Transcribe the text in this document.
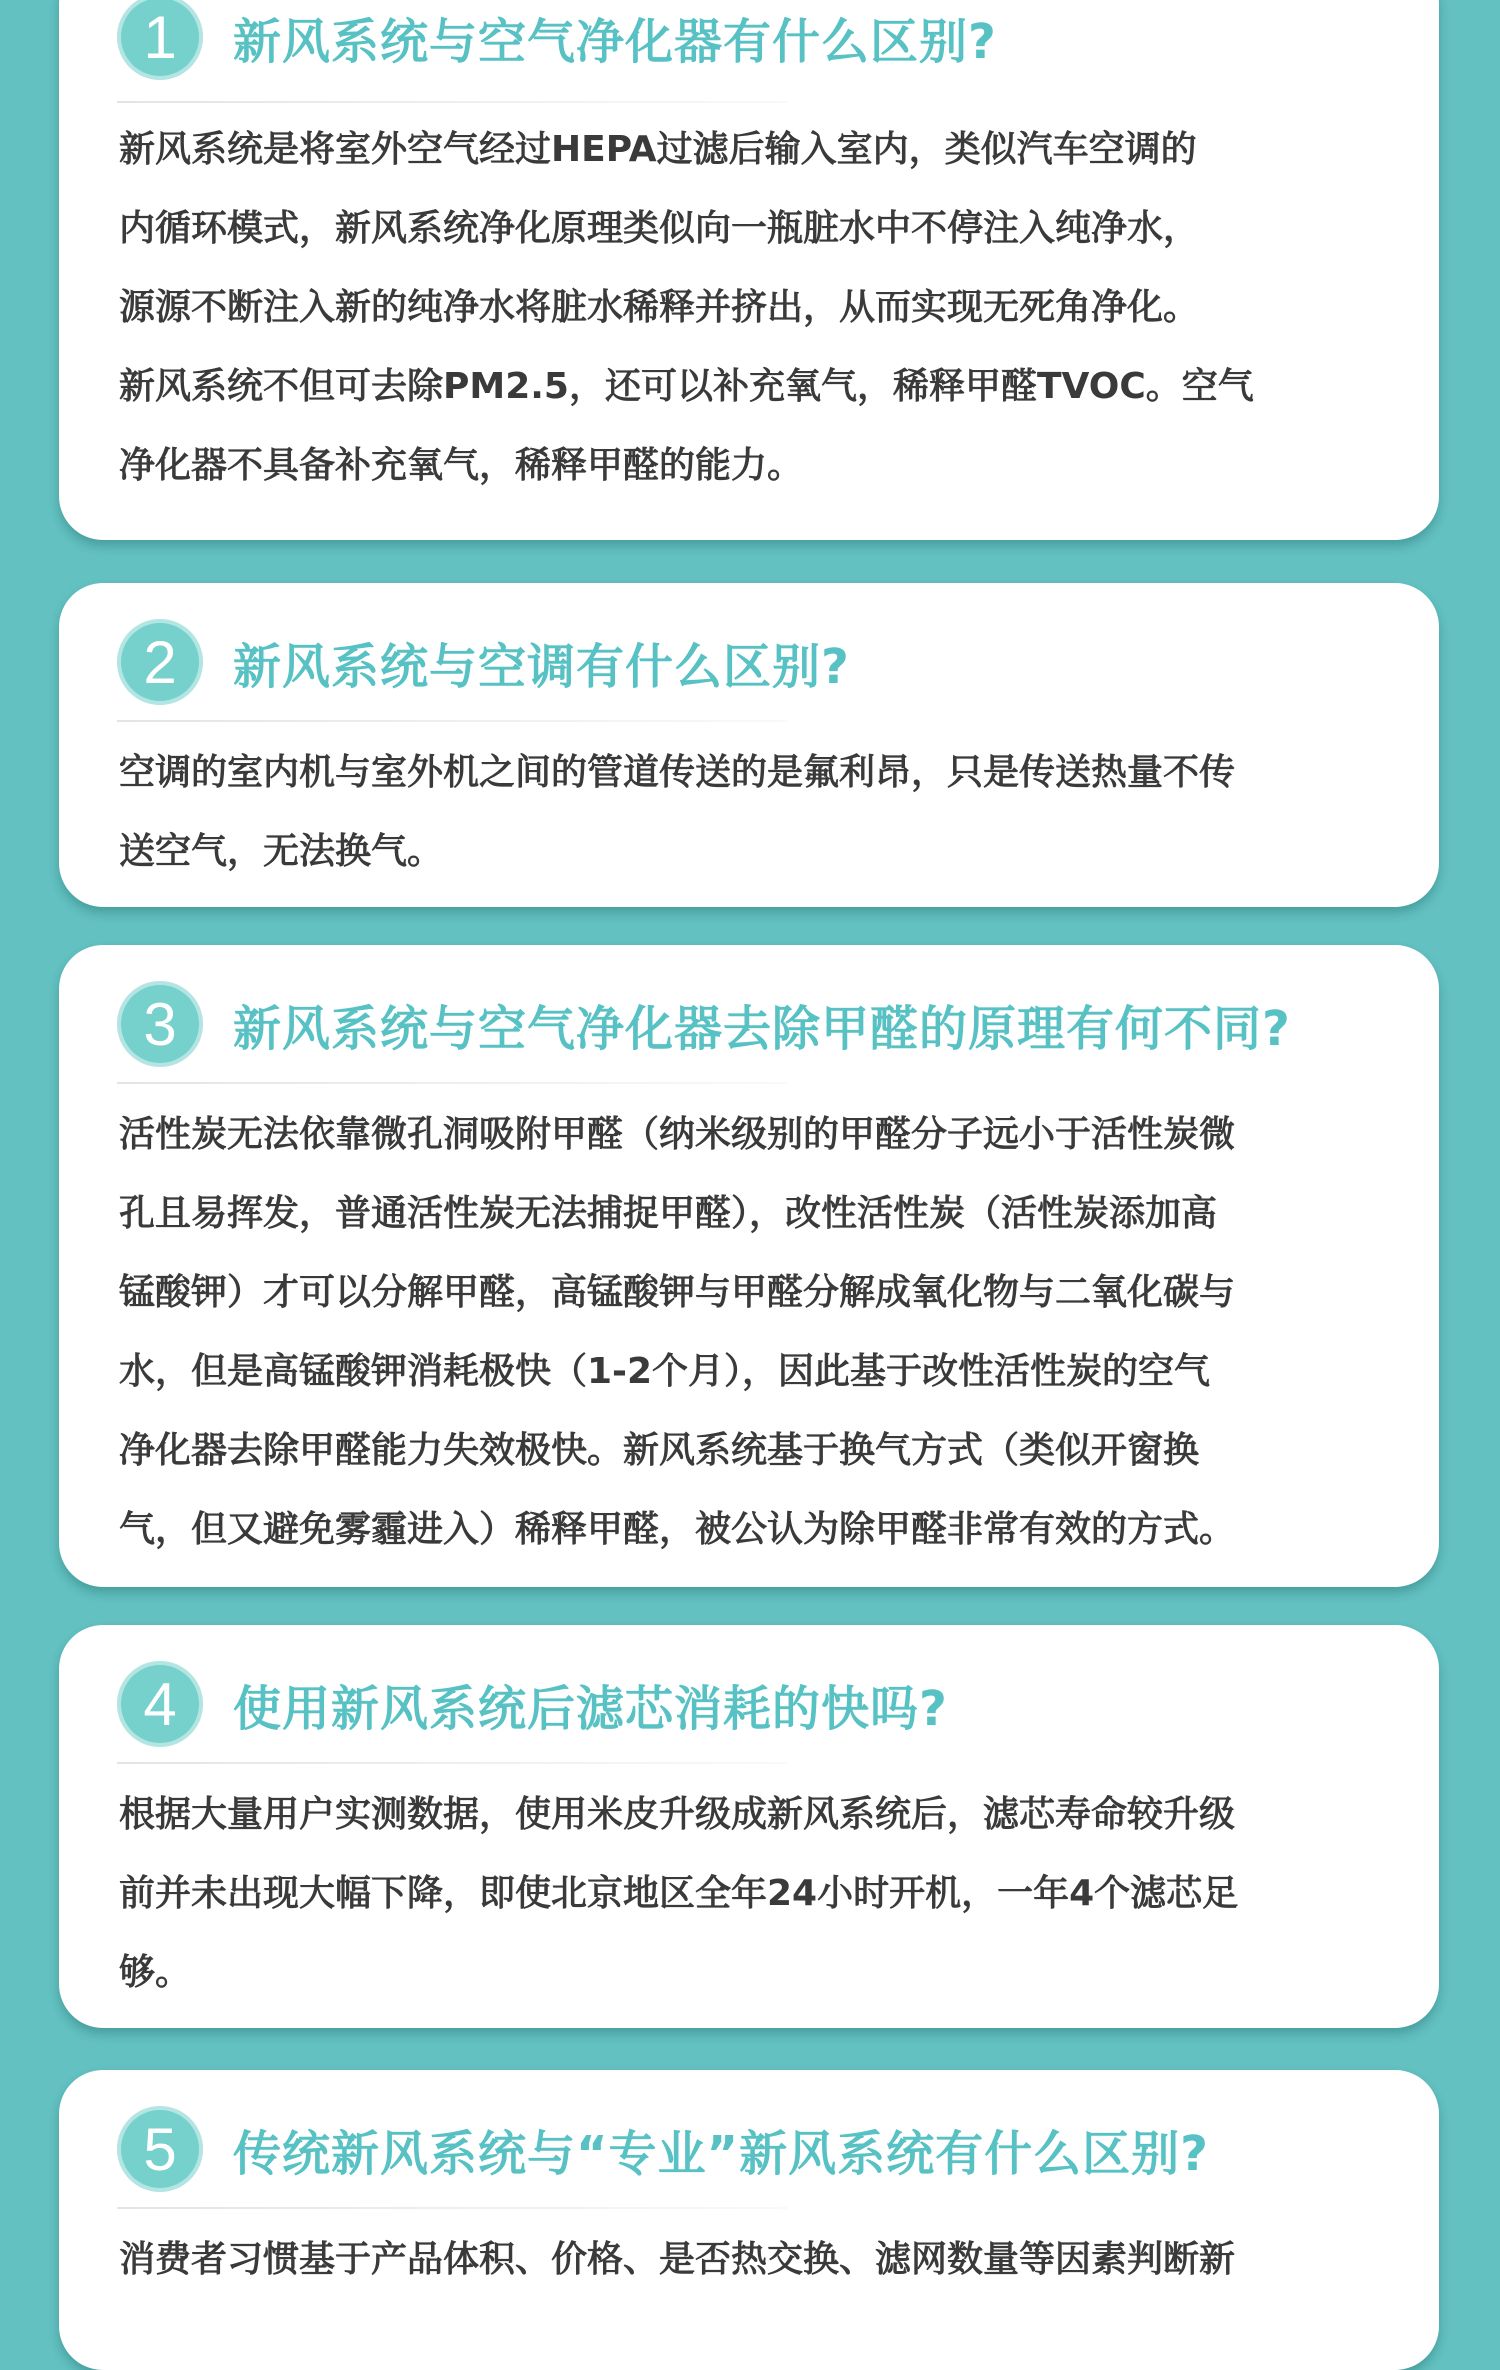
1	新风系统与空气净化器有什么区别?

新风系统是将室外空气经过HEPA过滤后输入室内，类似汽车空调的
内循环模式，新风系统净化原理类似向一瓶脏水中不停注入纯净水，
源源不断注入新的纯净水将脏水稀释并挤出，从而实现无死角净化。
新风系统不但可去除PM2.5，还可以补充氧气，稀释甲醛TVOC。空气
净化器不具备补充氧气，稀释甲醛的能力。

2	新风系统与空调有什么区别?

空调的室内机与室外机之间的管道传送的是氟利昂，只是传送热量不传
送空气，无法换气。

3	新风系统与空气净化器去除甲醛的原理有何不同?

活性炭无法依靠微孔洞吸附甲醛（纳米级别的甲醛分子远小于活性炭微
孔且易挥发，普通活性炭无法捕捉甲醛），改性活性炭（活性炭添加高
锰酸钾）才可以分解甲醛，高锰酸钾与甲醛分解成氧化物与二氧化碳与
水，但是高锰酸钾消耗极快（1-2个月），因此基于改性活性炭的空气
净化器去除甲醛能力失效极快。新风系统基于换气方式（类似开窗换
气，但又避免雾霾进入）稀释甲醛，被公认为除甲醛非常有效的方式。

4	使用新风系统后滤芯消耗的快吗?

根据大量用户实测数据，使用米皮升级成新风系统后，滤芯寿命较升级
前并未出现大幅下降，即使北京地区全年24小时开机，一年4个滤芯足
够。

5	传统新风系统与“专业”新风系统有什么区别?

消费者习惯基于产品体积、价格、是否热交换、滤网数量等因素判断新
